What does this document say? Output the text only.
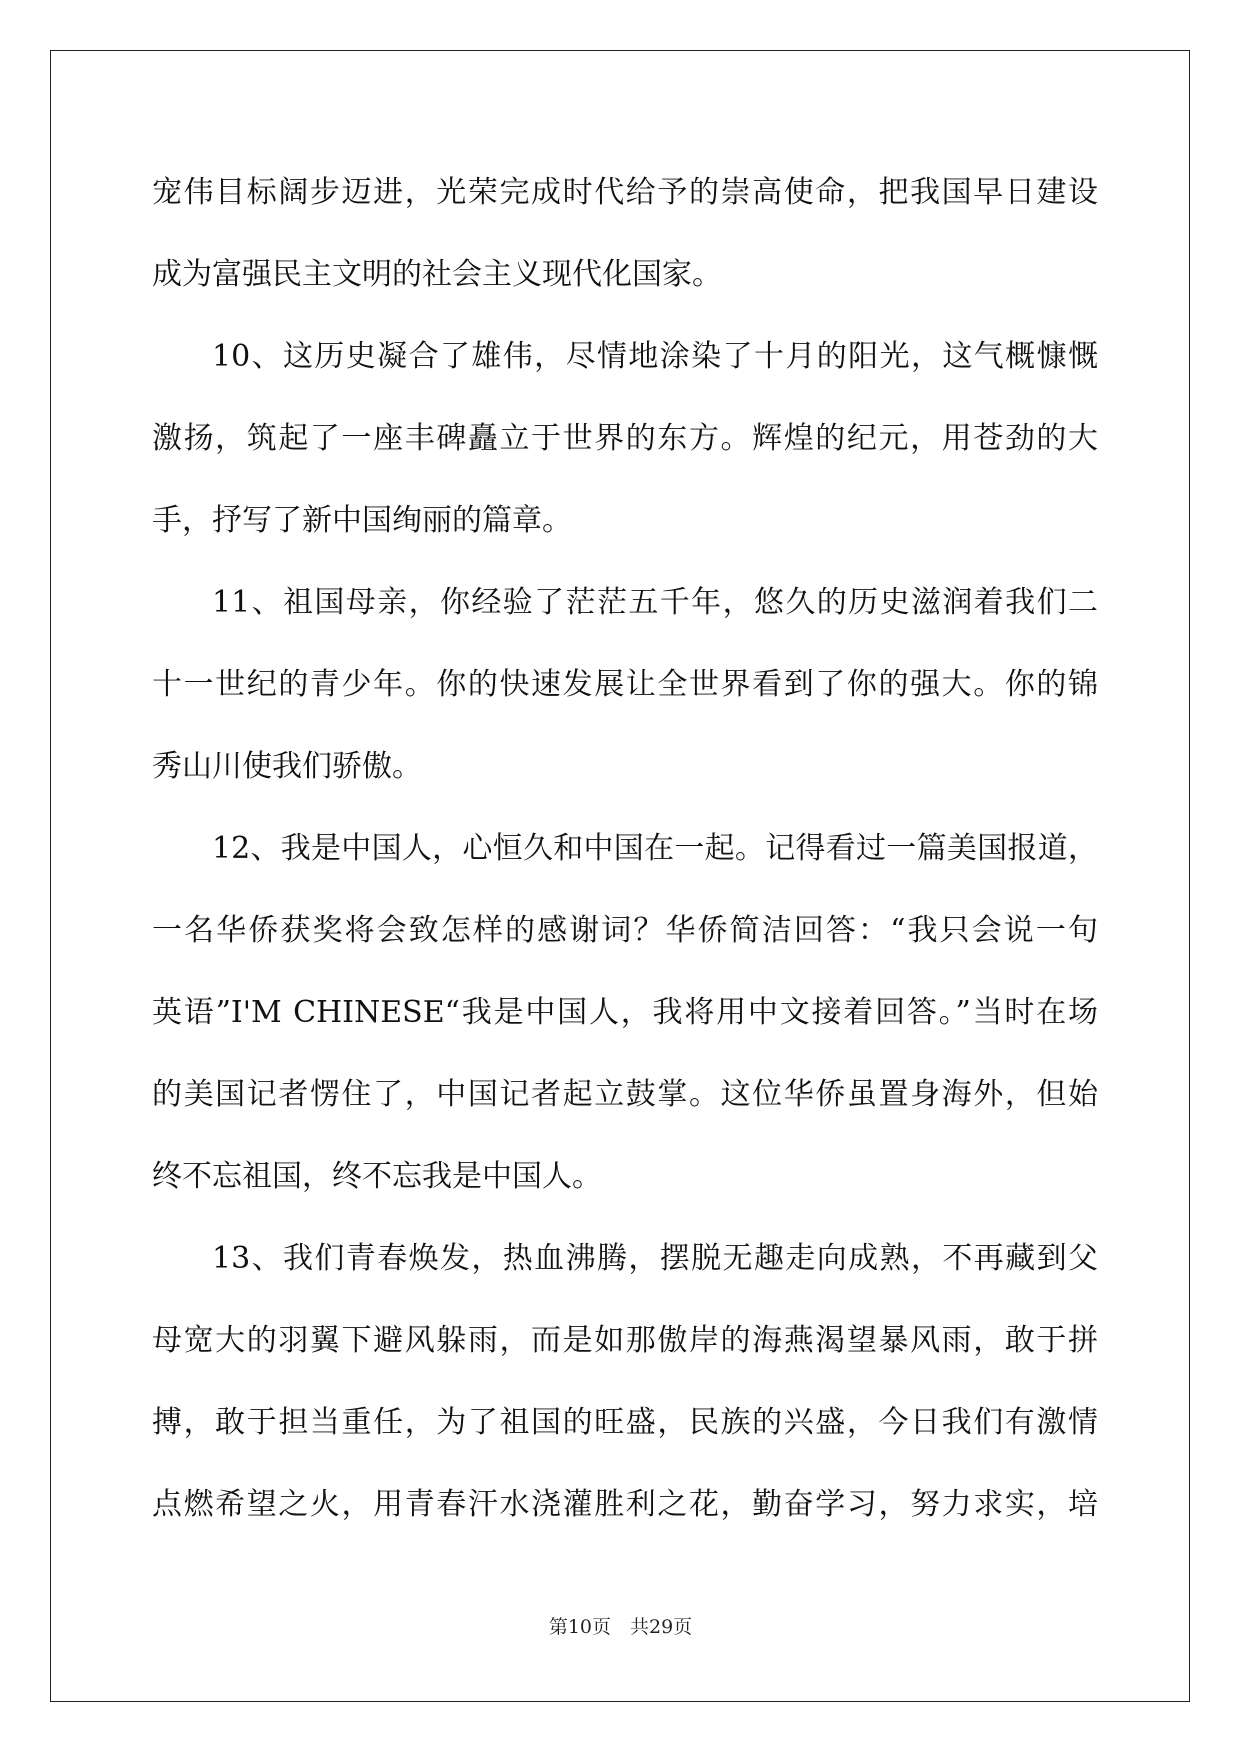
宠伟目标阔步迈进，光荣完成时代给予的崇高使命，把我国早日建设
成为富强民主文明的社会主义现代化国家。
10、这历史凝合了雄伟，尽情地涂染了十月的阳光，这气概慷慨
激扬，筑起了一座丰碑矗立于世界的东方。辉煌的纪元，用苍劲的大
手，抒写了新中国绚丽的篇章。
11、祖国母亲，你经验了茫茫五千年，悠久的历史滋润着我们二
十一世纪的青少年。你的快速发展让全世界看到了你的强大。你的锦
秀山川使我们骄傲。
12、我是中国人，心恒久和中国在一起。记得看过一篇美国报道，
一名华侨获奖将会致怎样的感谢词？华侨简洁回答：“我只会说一句
英语”I'M CHINESE“我是中国人，我将用中文接着回答。”当时在场
的美国记者愣住了，中国记者起立鼓掌。这位华侨虽置身海外，但始
终不忘祖国，终不忘我是中国人。
13、我们青春焕发，热血沸腾，摆脱无趣走向成熟，不再藏到父
母宽大的羽翼下避风躲雨，而是如那傲岸的海燕渴望暴风雨，敢于拼
搏，敢于担当重任，为了祖国的旺盛，民族的兴盛，今日我们有激情
点燃希望之火，用青春汗水浇灌胜利之花，勤奋学习，努力求实，培
第10页　共29页
